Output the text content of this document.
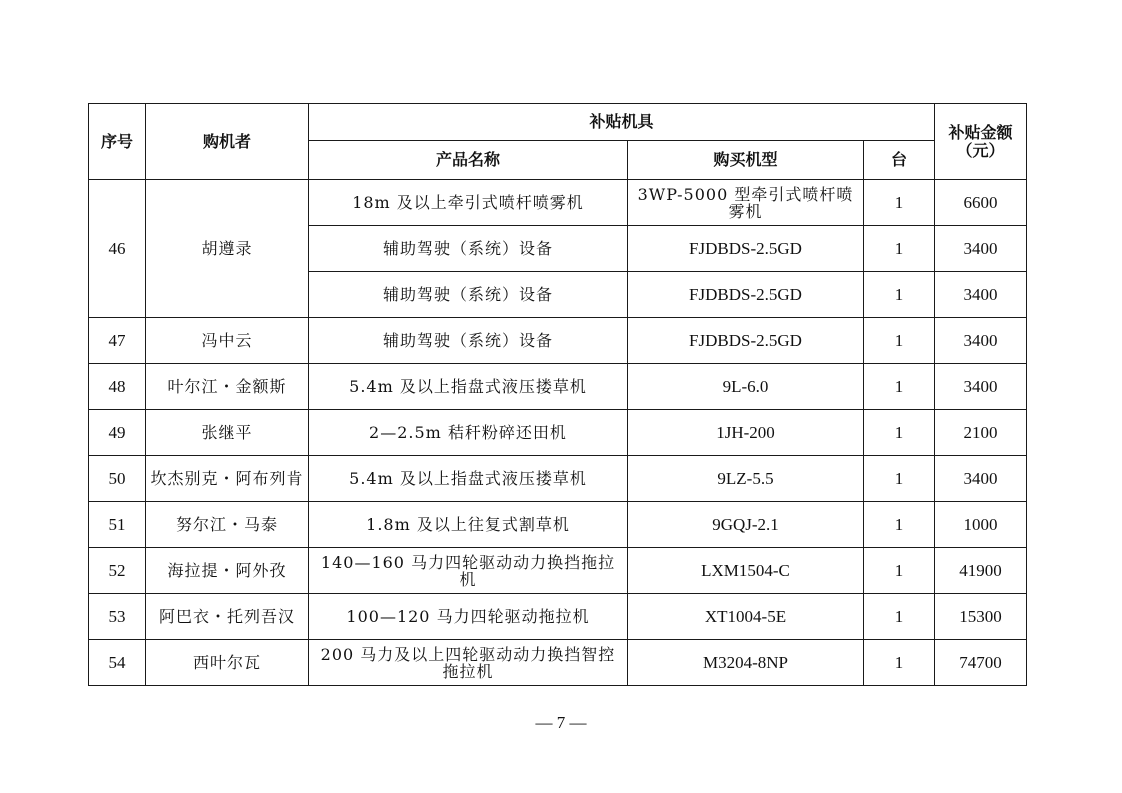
序号	购机者	补贴机具			补贴金额（元）
		产品名称	购买机型	台	
46	胡遵录	18m 及以上牵引式喷杆喷雾机	3WP-5000 型牵引式喷杆喷雾机	1	6600
		辅助驾驶（系统）设备	FJDBDS-2.5GD	1	3400
		辅助驾驶（系统）设备	FJDBDS-2.5GD	1	3400
47	冯中云	辅助驾驶（系统）设备	FJDBDS-2.5GD	1	3400
48	叶尔江・金额斯	5.4m 及以上指盘式液压搂草机	9L-6.0	1	3400
49	张继平	2—2.5m 秸秆粉碎还田机	1JH-200	1	2100
50	坎杰别克・阿布列肯	5.4m 及以上指盘式液压搂草机	9LZ-5.5	1	3400
51	努尔江・马泰	1.8m 及以上往复式割草机	9GQJ-2.1	1	1000
52	海拉提・阿外孜	140—160 马力四轮驱动动力换挡拖拉机	LXM1504-C	1	41900
53	阿巴衣・托列吾汉	100—120 马力四轮驱动拖拉机	XT1004-5E	1	15300
54	西叶尔瓦	200 马力及以上四轮驱动动力换挡智控拖拉机	M3204-8NP	1	74700
— 7 —
